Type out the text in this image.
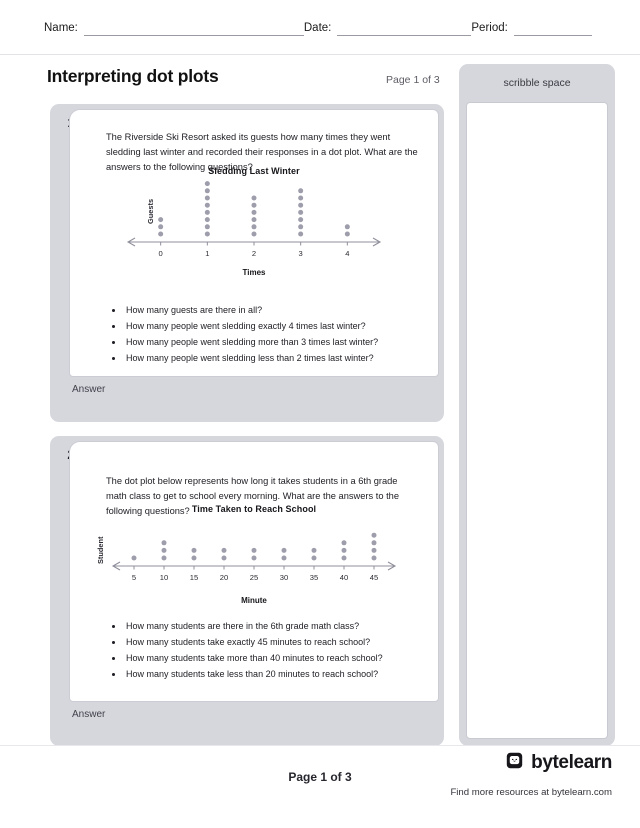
Name:	Date:	Period:
Interpreting dot plots	Page 1 of 3	scribble space
The Riverside Ski Resort asked its guests how many times they went sledding last winter and recorded their responses in a dot plot. What are the answers to the following questions?
Sledding Last Winter
Guests
0	1	2	3	4
Times
• How many guests are there in all?
• How many people went sledding exactly 4 times last winter?
• How many people went sledding more than 3 times last winter?
• How many people went sledding less than 2 times last winter?
Answer
The dot plot below represents how long it takes students in a 6th grade math class to get to school every morning. What are the answers to the following questions? Time Taken to Reach School
Student
5	10	15	20	25	30	35	40	45
Minute
• How many students are there in the 6th grade math class?
• How many students take exactly 45 minutes to reach school?
• How many students take more than 40 minutes to reach school?
• How many students take less than 20 minutes to reach school?
Answer
Page 1 of 3
bytelearn
Find more resources at bytelearn.com
